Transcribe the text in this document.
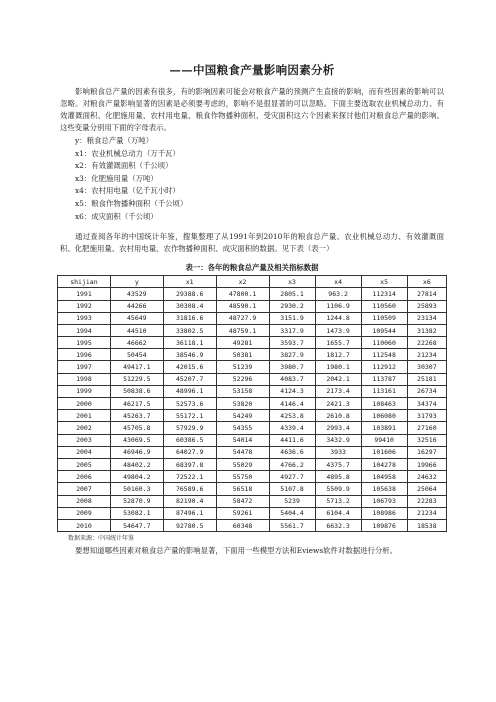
——中国粮食产量影响因素分析

影响粮食总产量的因素有很多，有的影响因素可能会对粮食产量的预测产生直接的影响，而有些因素的影响可以忽略。对粮食产量影响显著的因素是必须要考虑的，影响不是很显著的可以忽略。下面主要选取农业机械总动力、有效灌溉面积、化肥施用量、农村用电量、粮食作物播种面积、受灾面积这六个因素来探讨他们对粮食总产量的影响。这些变量分别用下面的字母表示。

y：粮食总产量（万吨）
x1：农业机械总动力（万千瓦）
x2：有效灌溉面积（千公顷）
x3：化肥施用量（万吨）
x4：农村用电量（亿千瓦小时）
x5：粮食作物播种面积（千公顷）
x6：成灾面积（千公顷）

通过查阅各年的中国统计年鉴，搜集整理了从1991年到2010年的粮食总产量、农业机械总动力、有效灌溉面积、化肥施用量、农村用电量、农作物播种面积、成灾面积的数据。见下表（表一）

表一：各年的粮食总产量及相关指标数据
shijian	y	x1	x2	x3	x4	x5	x6
1991	43529	29388.6	47800.1	2805.1	963.2	112314	27814
1992	44266	30308.4	48590.1	2930.2	1106.9	110560	25893
1993	45649	31816.6	48727.9	3151.9	1244.8	110509	23134
1994	44510	33802.5	48759.1	3317.9	1473.9	109544	31382
1995	46662	36118.1	49281	3593.7	1655.7	110060	22268
1996	50454	38546.9	50381	3827.9	1812.7	112548	21234
1997	49417.1	42015.6	51239	3980.7	1980.1	112912	30307
1998	51229.5	45207.7	52296	4083.7	2042.1	113787	25181
1999	50838.6	48996.1	53158	4124.3	2173.4	113161	26734
2000	46217.5	52573.6	53820	4146.4	2421.3	108463	34374
2001	45263.7	55172.1	54249	4253.8	2610.8	106080	31793
2002	45705.8	57929.9	54355	4339.4	2993.4	103891	27160
2003	43069.5	60386.5	54014	4411.6	3432.9	99410	32516
2004	46946.9	64027.9	54478	4636.6	3933	101606	16297
2005	48402.2	68397.8	55029	4766.2	4375.7	104278	19966
2006	49804.2	72522.1	55750	4927.7	4895.8	104958	24632
2007	50160.3	76589.6	56518	5107.8	5509.9	105638	25064
2008	52870.9	82190.4	58472	5239	5713.2	106793	22283
2009	53082.1	87496.1	59261	5404.4	6104.4	108986	21234
2010	54647.7	92780.5	60348	5561.7	6632.3	109876	18538
数据来源：中国统计年鉴

要想知道哪些因素对粮食总产量的影响显著，下面用一些模型方法和Eviews软件对数据进行分析。
